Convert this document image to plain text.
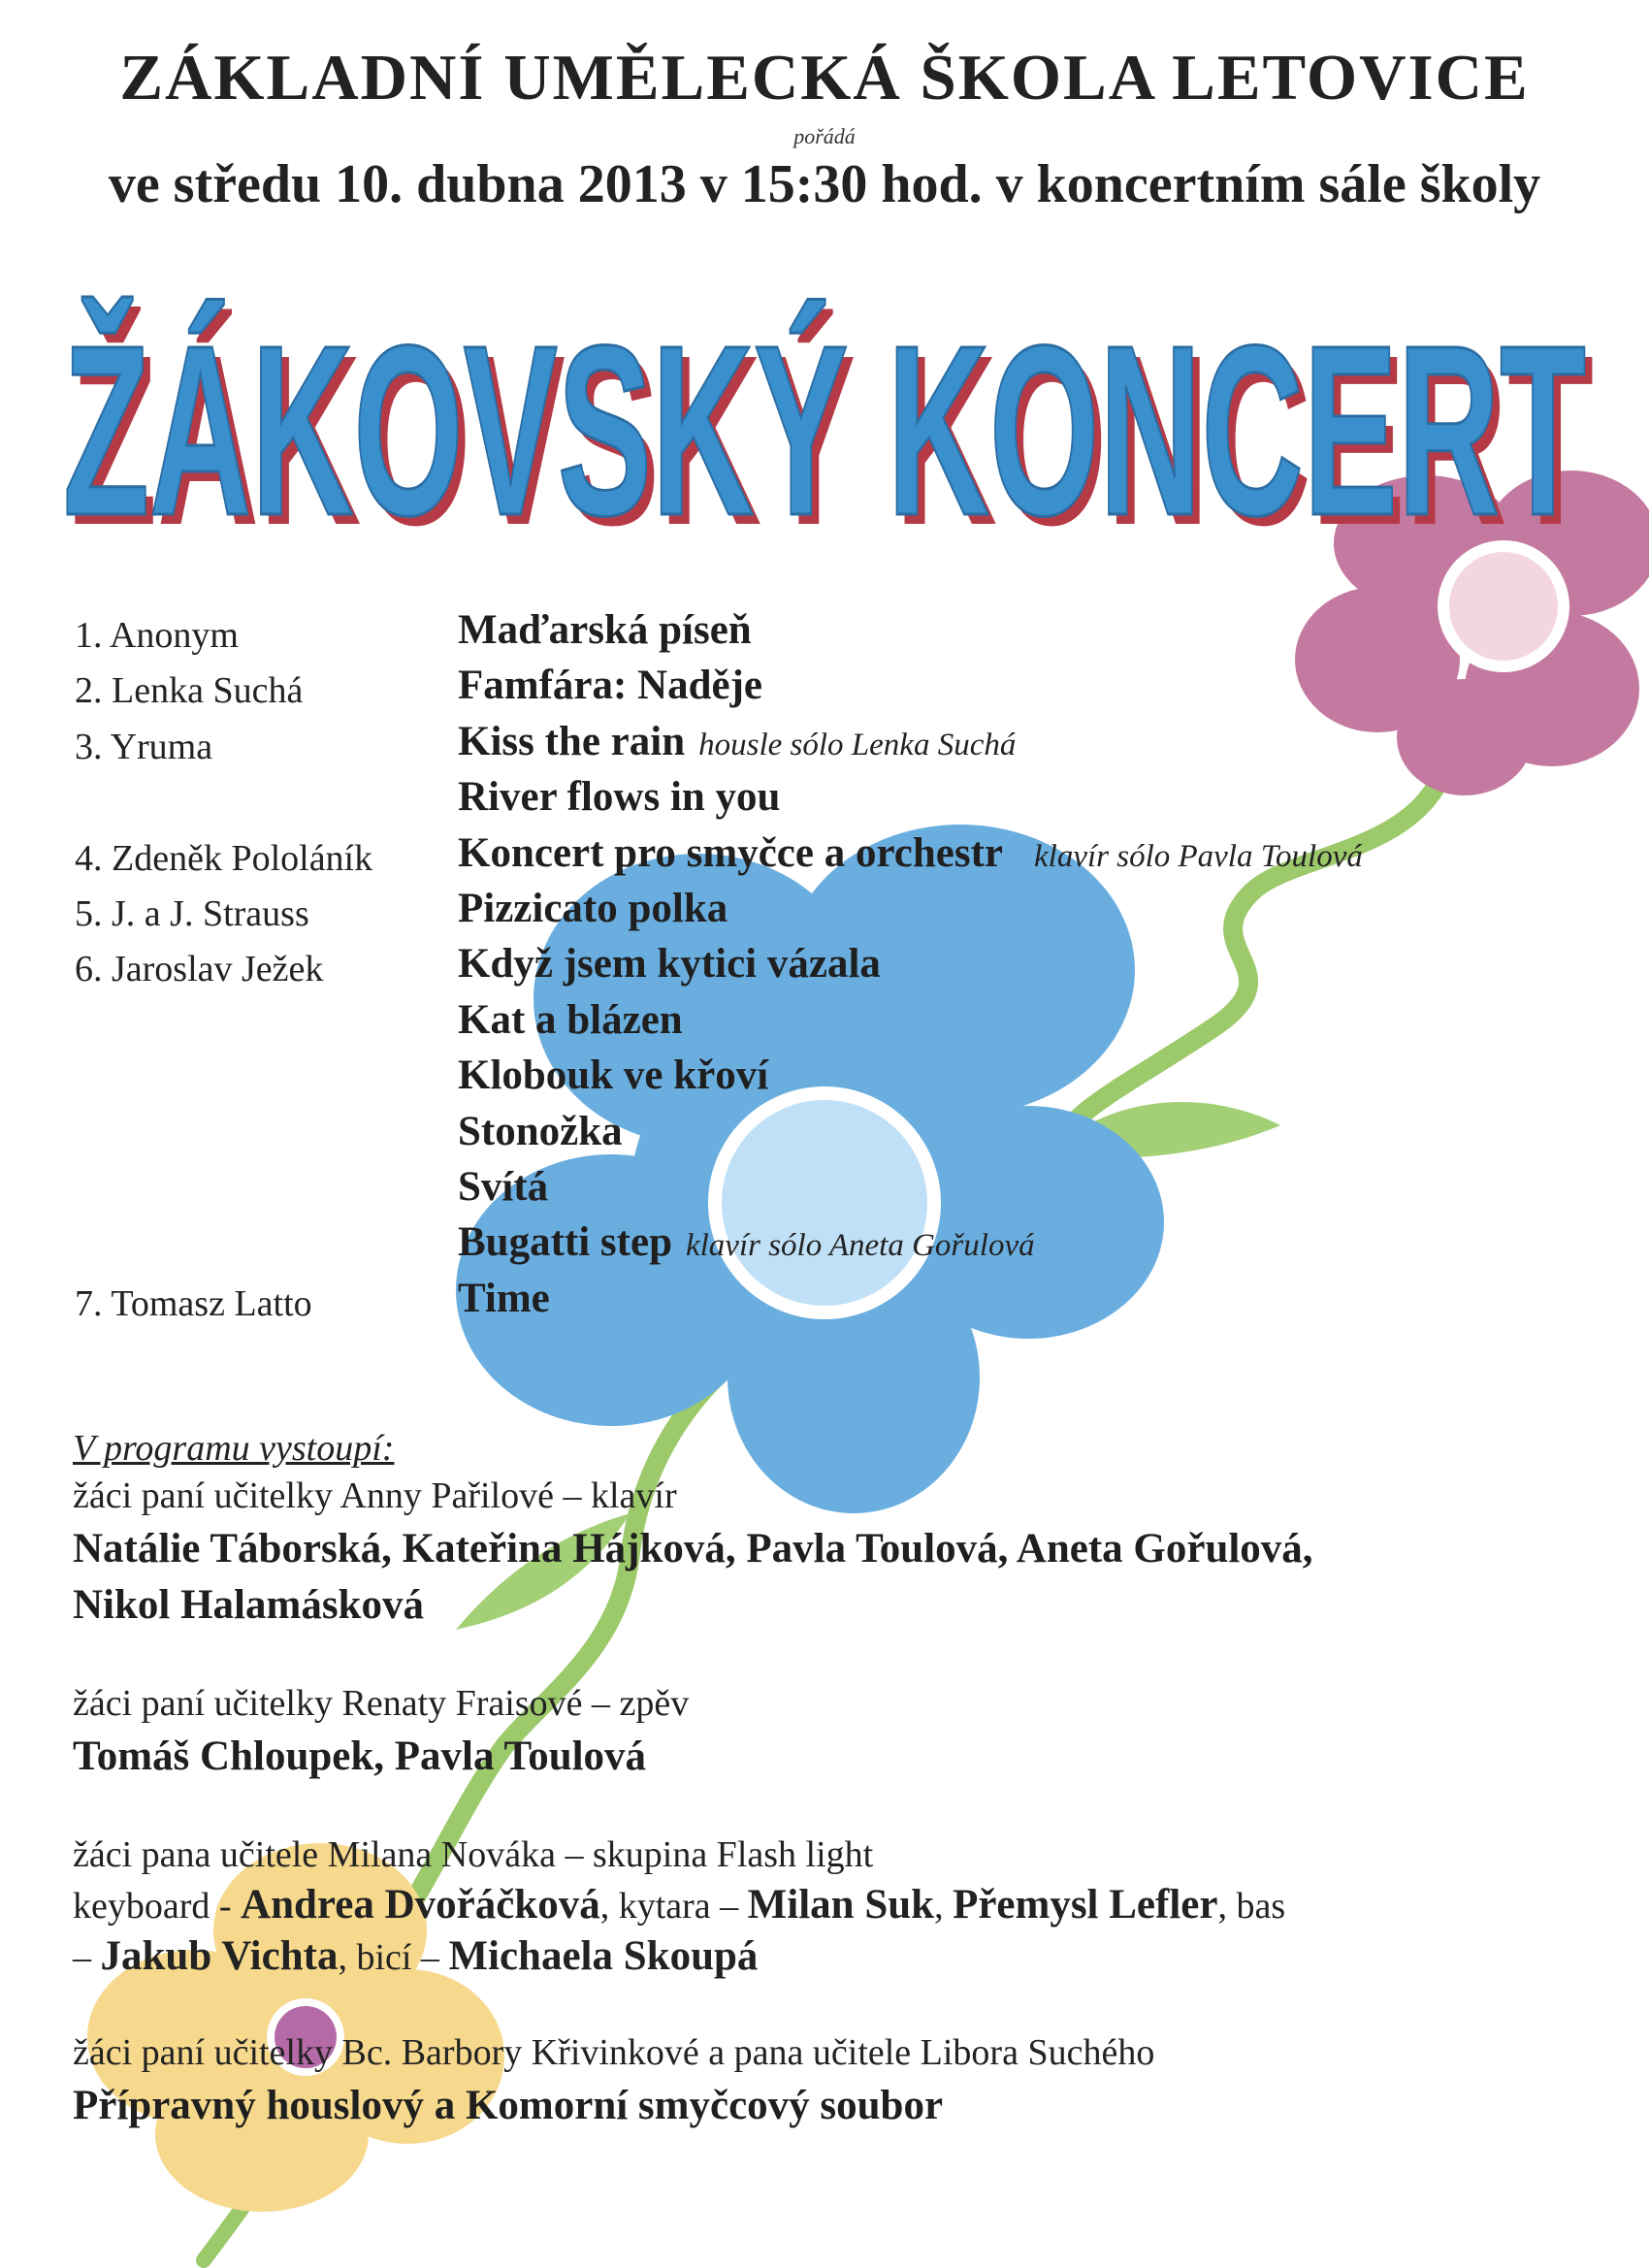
ZÁKLADNÍ UMĚLECKÁ ŠKOLA LETOVICE
pořádá
ve středu 10. dubna 2013 v 15:30 hod. v koncertním sále školy
ŽÁKOVSKÝ KONCERT
ŽÁKOVSKÝ KONCERT
1. Anonym	Maďarská píseň
2. Lenka Suchá	Famfára: Naděje
3. Yruma	Kiss the rain housle sólo Lenka Suchá
River flows in you
4. Zdeněk Pololáník Koncert pro smyčce a orchestr klavír sólo Pavla Toulová
5. J. a J. Strauss	Pizzicato polka
6. Jaroslav Ježek	Když jsem kytici vázala
Kat a blázen
Klobouk ve křoví
Stonožka
Svítá
Bugatti step klavír sólo Aneta Gořulová
7. Tomasz Latto	Time
V programu vystoupí:
žáci paní učitelky Anny Pařilové – klavír
Natálie Táborská, Kateřina Hájková, Pavla Toulová, Aneta Gořulová,
Nikol Halamásková
žáci paní učitelky Renaty Fraisové – zpěv
Tomáš Chloupek, Pavla Toulová
žáci pana učitele Milana Nováka – skupina Flash light
keyboard - Andrea Dvořáčková, kytara – Milan Suk, Přemysl Lefler, bas
– Jakub Vichta, bicí – Michaela Skoupá
žáci paní učitelky Bc. Barbory Křivinkové a pana učitele Libora Suchého
Přípravný houslový a Komorní smyčcový soubor
